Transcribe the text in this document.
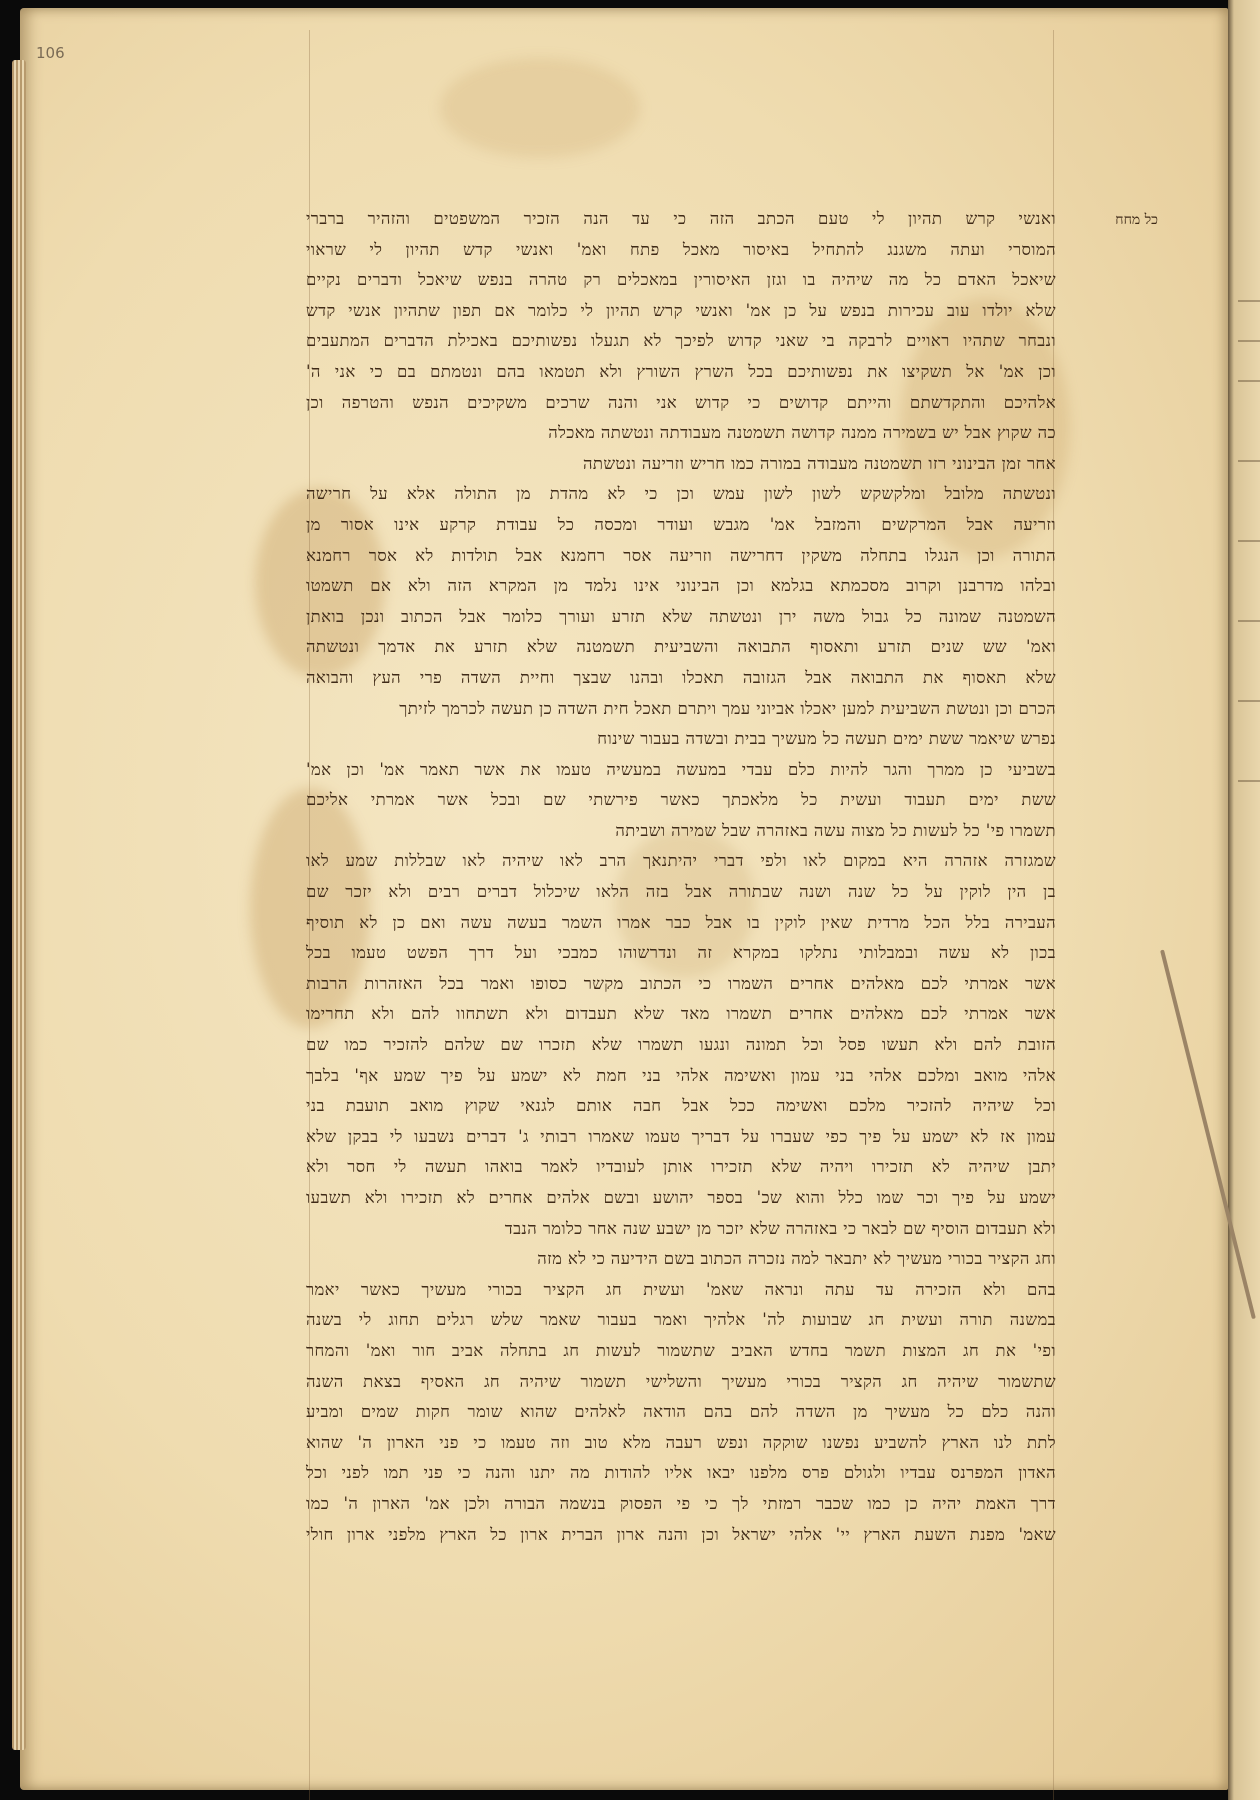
106
כל מחח
ואנשי קרש תהיון לי טעם הכתב הזה כי עד הנה הזכיר המשפטים והזהיר ברברי
המוסרי ועתה משגנג להתחיל באיסור מאכל פתח ואמ' ואנשי קדש תהיון לי שראוי
שיאכל האדם כל מה שיהיה בו וגזן האיסורין במאכלים רק טהרה בנפש שיאכל ודברים נקיים
שלא יולדו עוב עכירות בנפש על כן אמ' ואנשי קרש תהיון לי כלומר אם תפון שתהיון אנשי קדש
ונבחר שתהיו ראויים לרבקה בי שאני קדוש לפיכך לא תגעלו נפשותיכם באכילת הדברים המתעבים
וכן אמ' אל תשקיצו את נפשותיכם בכל השרץ השורץ ולא תטמאו בהם ונטמתם בם כי אני ה'
אלהיכם והתקדשתם והייתם קדושים כי קדוש אני והנה שרכים משקיכים הנפש והטרפה וכן
כה שקוץ אבל יש בשמירה ממנה קדושה תשמטנה מעבודתה ונטשתה מאכלה
אחר זמן הבינוני רזו תשמטנה מעבודה במורה כמו חריש וזריעה ונטשתה
ונטשתה מלובל ומלקשקש לשון לשון עמש וכן כי לא מהדת מן התולה אלא על חרישה
וזריעה אבל המרקשים והמזבל אמ' מגבש ועודר ומכסה כל עבודת קרקע אינו אסור מן
התורה וכן הנגלו בתחלה משקין דחרישה וזריעה אסר רחמנא אבל תולדות לא אסר רחמנא
ובלהו מדרבנן וקרוב מסכמתא בגלמא וכן הבינוני אינו נלמד מן המקרא הזה ולא אם תשמטו
השמטנה שמונה כל גבול משה ירן ונטשתה שלא תזרע ועורך כלומר אבל הכתוב ונכן בואתן
ואמ' שש שנים תזרע ותאסוף התבואה והשביעית תשמטנה שלא תזרע את אדמך ונטשתה
שלא תאסוף את התבואה אבל הגזובה תאכלו ובהנו שבצך וחיית השדה פרי העץ והבואה
הכרם וכן ונטשת השביעית למען יאכלו אביוני עמך ויתרם תאכל חית השדה כן תעשה לכרמך לזיתך
נפרש שיאמר ששת ימים תעשה כל מעשיך בבית ובשדה בעבור שינוח
בשביעי כן ממרך והגר להיות כלם עבדי במעשה במעשיה טעמו את אשר תאמר אמ' וכן אמ'
ששת ימים תעבוד ועשית כל מלאכתך כאשר פירשתי שם ובכל אשר אמרתי אליכם
תשמרו פי' כל לעשות כל מצוה עשה באזהרה שבל שמירה ושביתה
שמגזרה אזהרה היא במקום לאו ולפי דברי יהיתנאך הרב לאו שיהיה לאו שבללות שמע לאו
בן הין לוקין על כל שנה ושנה שבתורה אבל בזה הלאו שיכלול דברים רבים ולא יזכר שם
העבירה בלל הכל מרדית שאין לוקין בו אבל כבר אמרו השמר בעשה עשה ואם כן לא תוסיף
בכון לא עשה ובמבלותי נתלקו במקרא זה ונדרשוהו כמבכי ועל דרך הפשט טעמו בכל
אשר אמרתי לכם מאלהים אחרים השמרו כי הכתוב מקשר כסופו ואמר בכל האזהרות הרבות
אשר אמרתי לכם מאלהים אחרים תשמרו מאד שלא תעבדום ולא תשתחוו להם ולא תחרימו
הזובת להם ולא תעשו פסל וכל תמונה ונגעו תשמרו שלא תזכרו שם שלהם להזכיר כמו שם
אלהי מואב ומלכם אלהי בני עמון ואשימה אלהי בני חמת לא ישמע על פיך שמע אף' בלבך
וכל שיהיה להזכיר מלכם ואשימה ככל אבל חבה אותם לגנאי שקוץ מואב תועבת בני
עמון אז לא ישמע על פיך כפי שעברו על דבריך טעמו שאמרו רבותי ג' דברים נשבעו לי בבקן שלא
יתבן שיהיה לא תזכירו ויהיה שלא תזכירו אותן לעובדיו לאמר בואהו תעשה לי חסר ולא
ישמע על פיך וכר שמו כלל והוא שכ' בספר יהושע ובשם אלהים אחרים לא תזכירו ולא תשבעו
ולא תעבדום הוסיף שם לבאר כי באזהרה שלא יזכר מן ישבע שנה אחר כלומר הנבד
וחג הקציר בכורי מעשיך לא יתבאר למה נזכרה הכתוב בשם הידיעה כי לא מזה
בהם ולא הזכירה עד עתה ונראה שאמ' ועשית חג הקציר בכורי מעשיך כאשר יאמר
במשנה תורה ועשית חג שבועות לה' אלהיך ואמר בעבור שאמר שלש רגלים תחוג לי בשנה
ופי' את חג המצות תשמר בחדש האביב שתשמור לעשות חג בתחלה אביב חור ואמ' והמחר
שתשמור שיהיה חג הקציר בכורי מעשיך והשלישי תשמור שיהיה חג האסיף בצאת השנה
והנה כלם כל מעשיך מן השדה להם בהם הודאה לאלהים שהוא שומר חקות שמים ומביע
לתת לנו הארץ להשביע נפשנו שוקקה ונפש רעבה מלא טוב וזה טעמו כי פני הארון ה' שהוא
האדון המפרנס עבדיו ולגולם פרס מלפנו יבאו אליו להודות מה יתנו והנה כי פני תמו לפני וכל
דרך האמת יהיה כן כמו שכבר רמזתי לך כי פי הפסוק בנשמה הבורה ולכן אמ' הארון ה' כמו
שאמ' מפנת השעת הארץ יי' אלהי ישראל וכן והנה ארון הברית ארון כל הארץ מלפני ארון חולי
